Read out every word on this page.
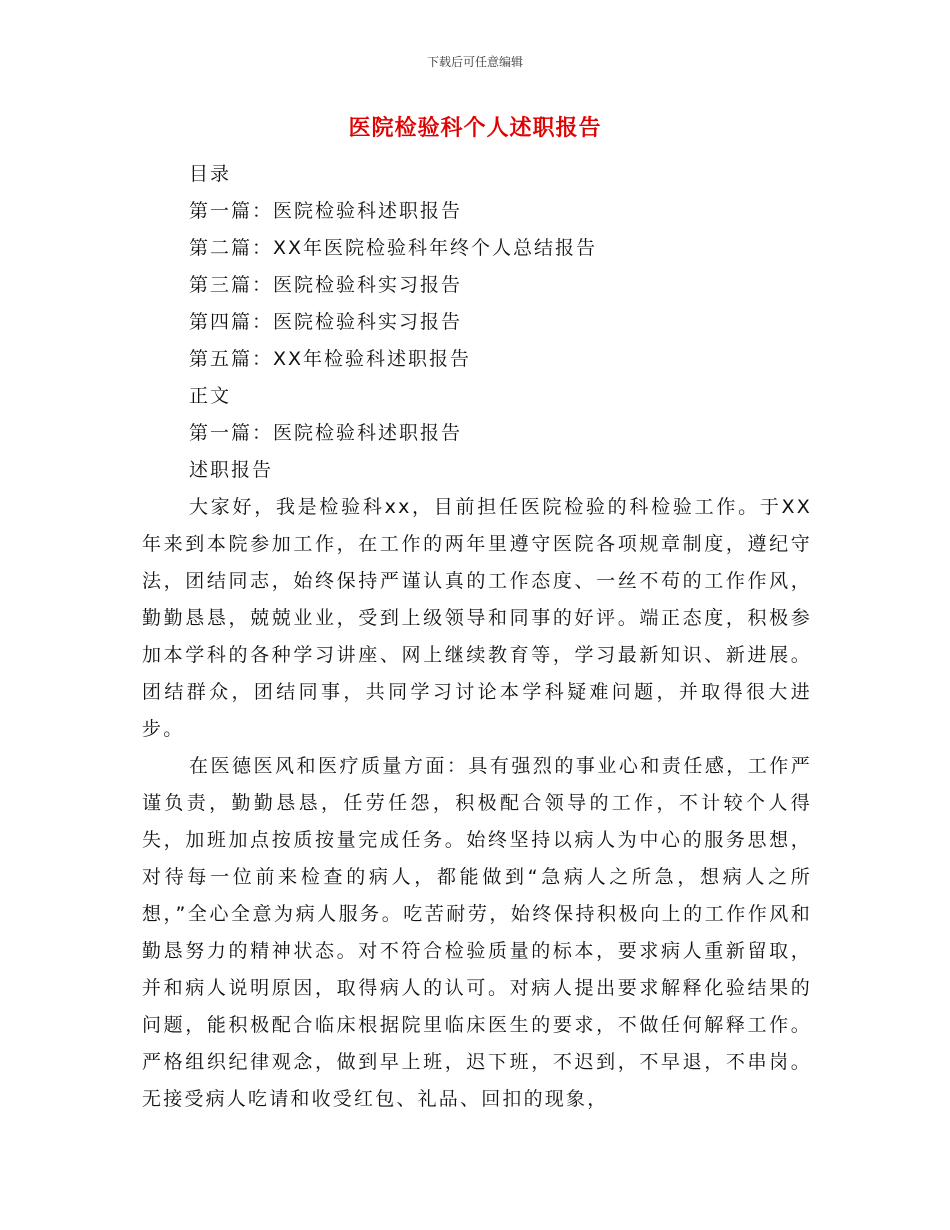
下载后可任意编辑
医院检验科个人述职报告

目录

第一篇：医院检验科述职报告

第二篇：XX年医院检验科年终个人总结报告

第三篇：医院检验科实习报告

第四篇：医院检验科实习报告

第五篇：XX年检验科述职报告

正文

第一篇：医院检验科述职报告

述职报告

大家好，我是检验科xx，目前担任医院检验的科检验工作。于XX年来到本院参加工作，在工作的两年里遵守医院各项规章制度，遵纪守法，团结同志，始终保持严谨认真的工作态度、一丝不苟的工作作风，勤勤恳恳，兢兢业业，受到上级领导和同事的好评。端正态度，积极参加本学科的各种学习讲座、网上继续教育等，学习最新知识、新进展。团结群众，团结同事，共同学习讨论本学科疑难问题，并取得很大进步。

在医德医风和医疗质量方面：具有强烈的事业心和责任感，工作严谨负责，勤勤恳恳，任劳任怨，积极配合领导的工作，不计较个人得失，加班加点按质按量完成任务。始终坚持以病人为中心的服务思想，对待每一位前来检查的病人，都能做到“急病人之所急，想病人之所想，”全心全意为病人服务。吃苦耐劳，始终保持积极向上的工作作风和勤恳努力的精神状态。对不符合检验质量的标本，要求病人重新留取，并和病人说明原因，取得病人的认可。对病人提出要求解释化验结果的问题，能积极配合临床根据院里临床医生的要求，不做任何解释工作。严格组织纪律观念，做到早上班，迟下班，不迟到，不早退，不串岗。无接受病人吃请和收受红包、礼品、回扣的现象，
